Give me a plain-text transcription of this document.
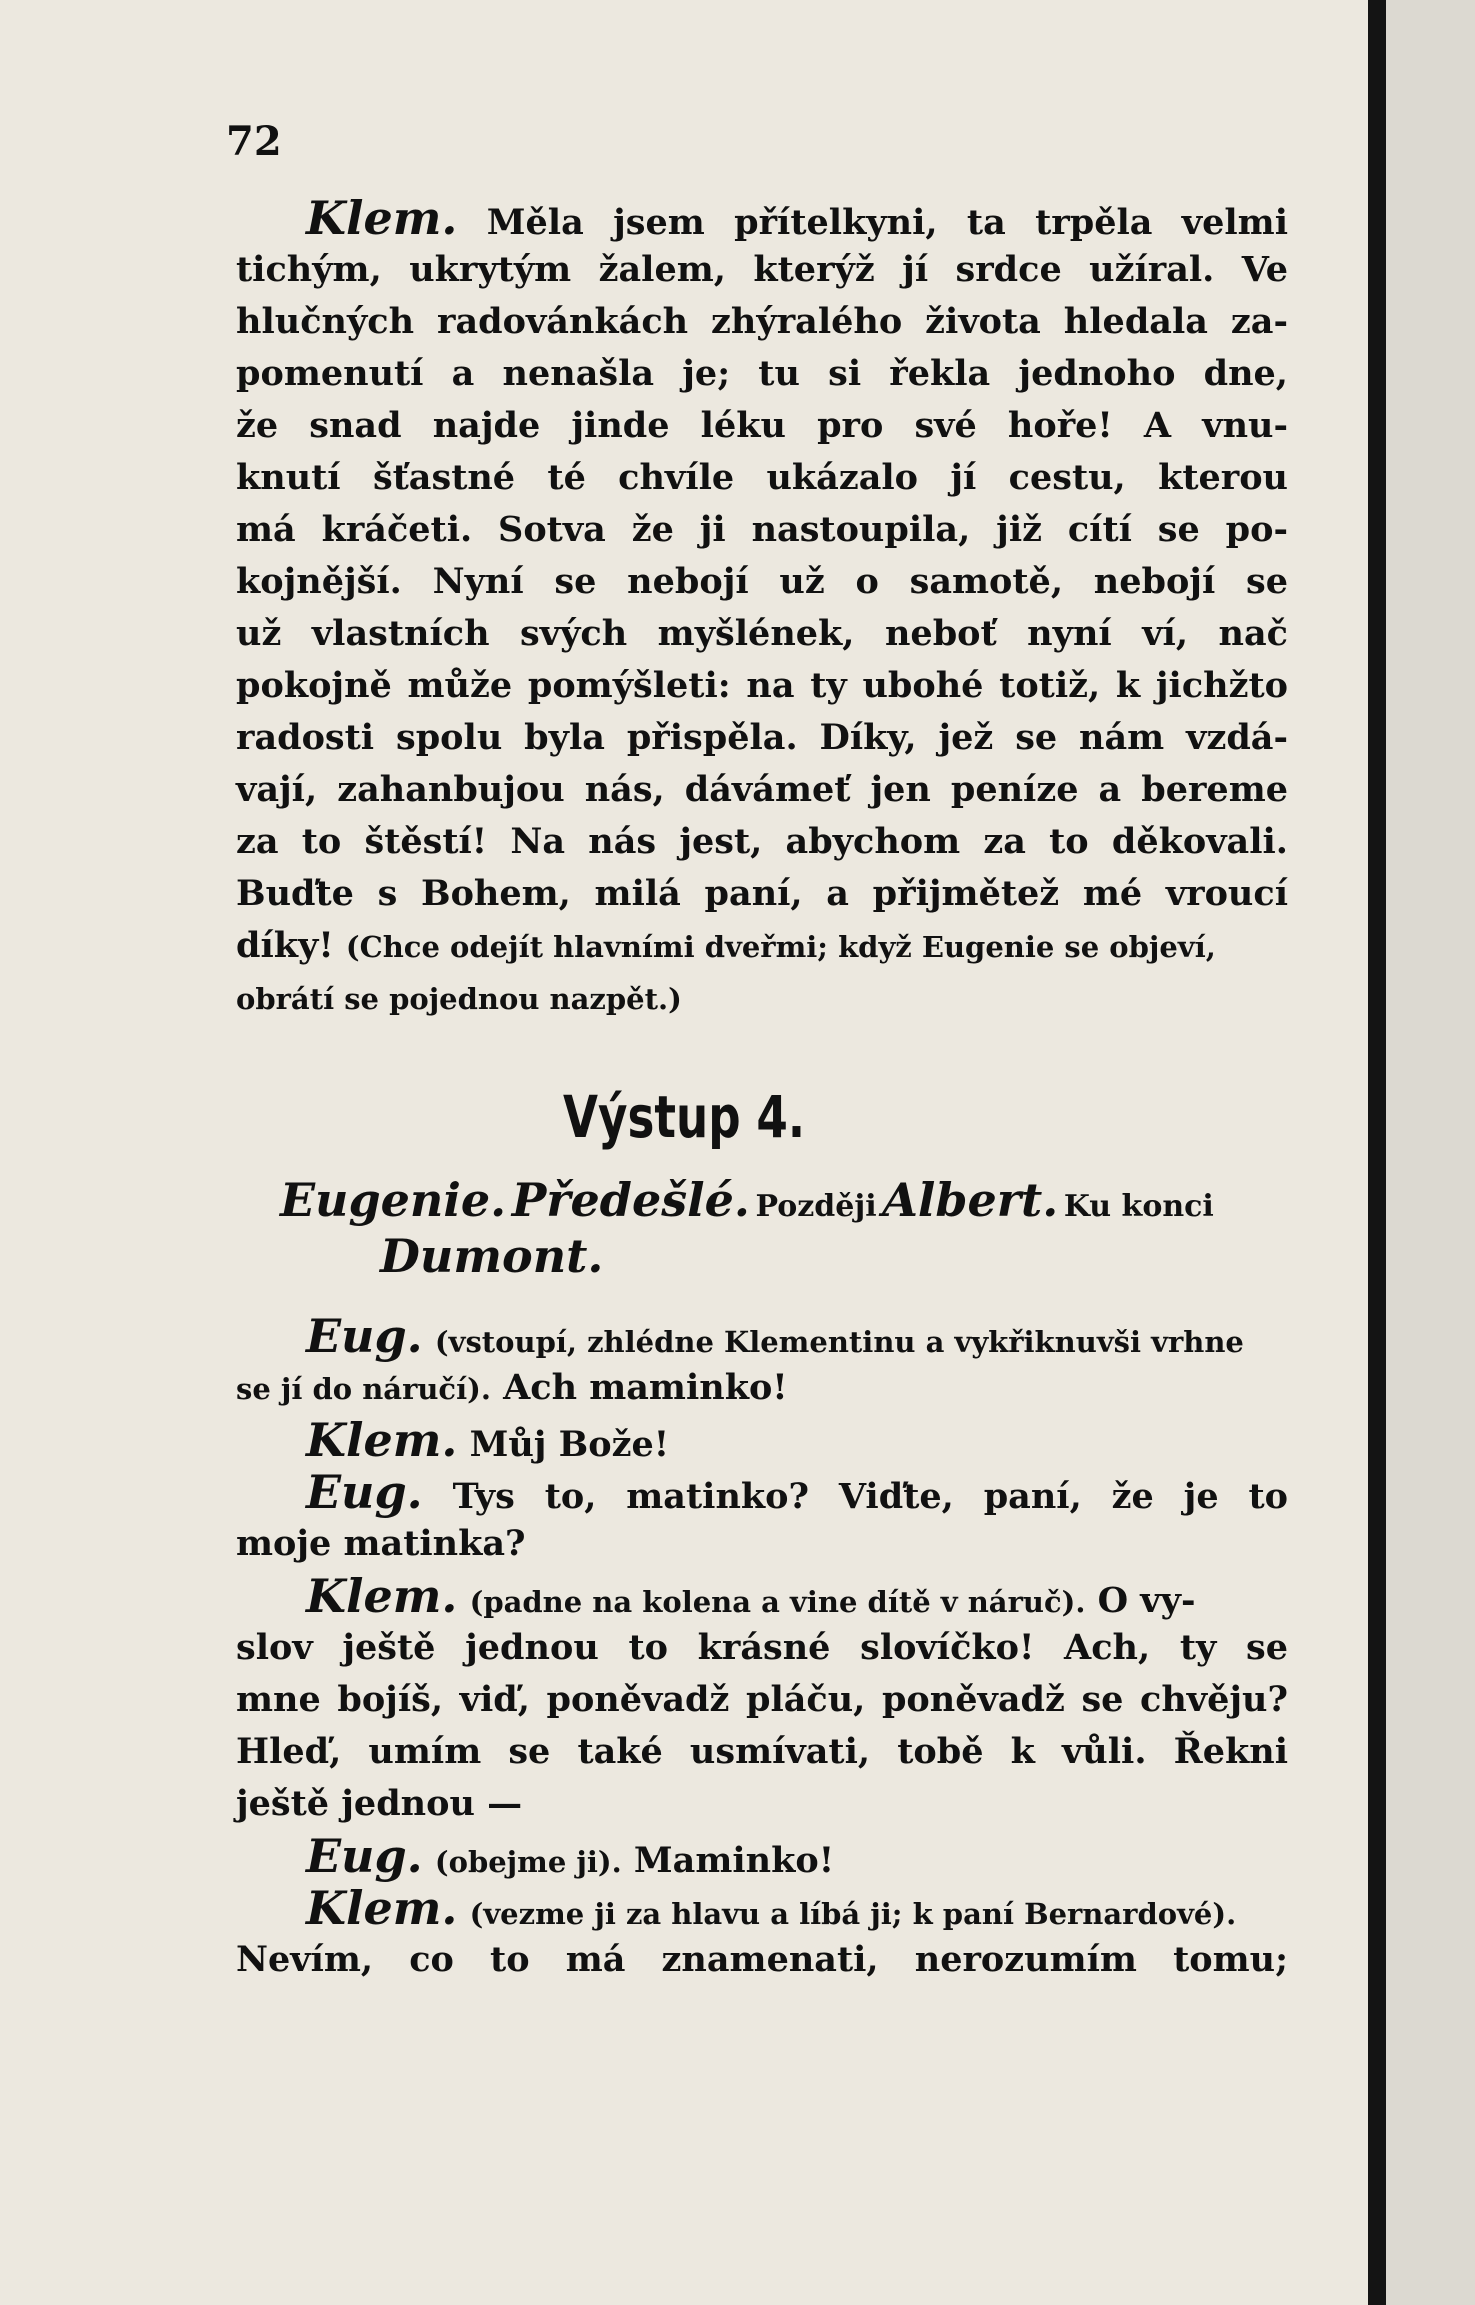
72
Klem. Měla jsem přítelkyni, ta trpěla velmi
tichým, ukrytým žalem, kterýž jí srdce užíral. Ve
hlučných radovánkách zhýralého života hledala za-
pomenutí a nenašla je; tu si řekla jednoho dne,
že snad najde jinde léku pro své hoře! A vnu-
knutí šťastné té chvíle ukázalo jí cestu, kterou
má kráčeti. Sotva že ji nastoupila, již cítí se po-
kojnější. Nyní se nebojí už o samotě, nebojí se
už vlastních svých myšlének, neboť nyní ví, nač
pokojně může pomýšleti: na ty ubohé totiž, k jichžto
radosti spolu byla přispěla. Díky, jež se nám vzdá-
vají, zahanbujou nás, dávámeť jen peníze a bereme
za to štěstí! Na nás jest, abychom za to děkovali.
Buďte s Bohem, milá paní, a přijmětež mé vroucí
díky! (Chce odejít hlavními dveřmi; když Eugenie se objeví,
obrátí se pojednou nazpět.)
Výstup 4.
Eugenie. Předešlé. Později Albert. Ku konci
Dumont.
Eug. (vstoupí, zhlédne Klementinu a vykřiknuvši vrhne
se jí do náručí). Ach maminko!
Klem. Můj Bože!
Eug. Tys to, matinko? Viďte, paní, že je to
moje matinka?
Klem. (padne na kolena a vine dítě v náruč). O vy-
slov ještě jednou to krásné slovíčko! Ach, ty se
mne bojíš, viď, poněvadž pláču, poněvadž se chvěju?
Hleď, umím se také usmívati, tobě k vůli. Řekni
ještě jednou —
Eug. (obejme ji). Maminko!
Klem. (vezme ji za hlavu a líbá ji; k paní Bernardové).
Nevím, co to má znamenati, nerozumím tomu;
